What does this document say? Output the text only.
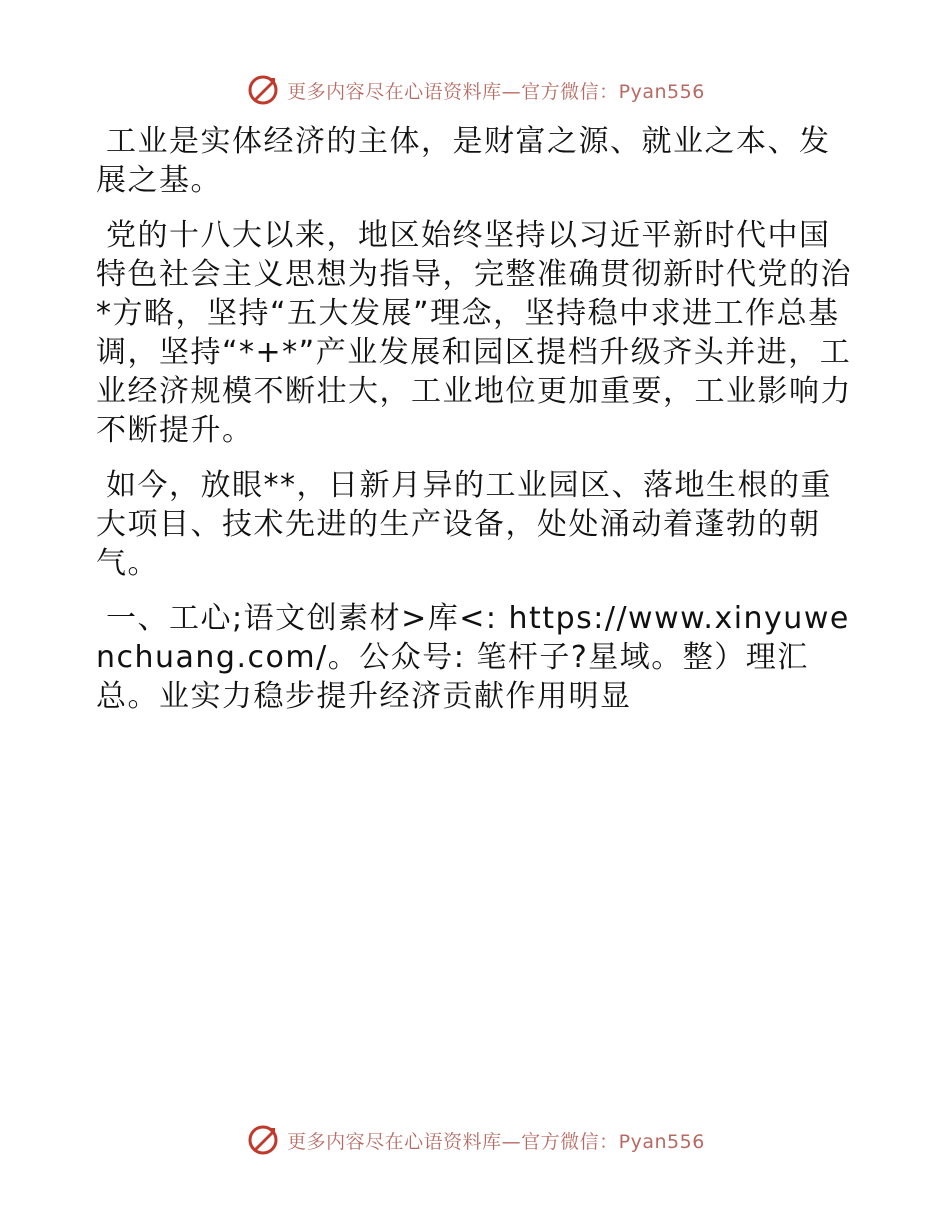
更多内容尽在心语资料库—官方微信：Pyan556

工业是实体经济的主体，是财富之源、就业之本、发展之基。

党的十八大以来，地区始终坚持以习近平新时代中国特色社会主义思想为指导，完整准确贯彻新时代党的治*方略，坚持“五大发展”理念，坚持稳中求进工作总基调，坚持“*+*”产业发展和园区提档升级齐头并进，工业经济规模不断壮大，工业地位更加重要，工业影响力不断提升。

如今，放眼**，日新月异的工业园区、落地生根的重大项目、技术先进的生产设备，处处涌动着蓬勃的朝气。

一、工心;语文创素材>库<: https://www.xinyuwenchuang.com/。公众号: 笔杆子?星域。整）理汇总。业实力稳步提升经济贡献作用明显

更多内容尽在心语资料库—官方微信：Pyan556
